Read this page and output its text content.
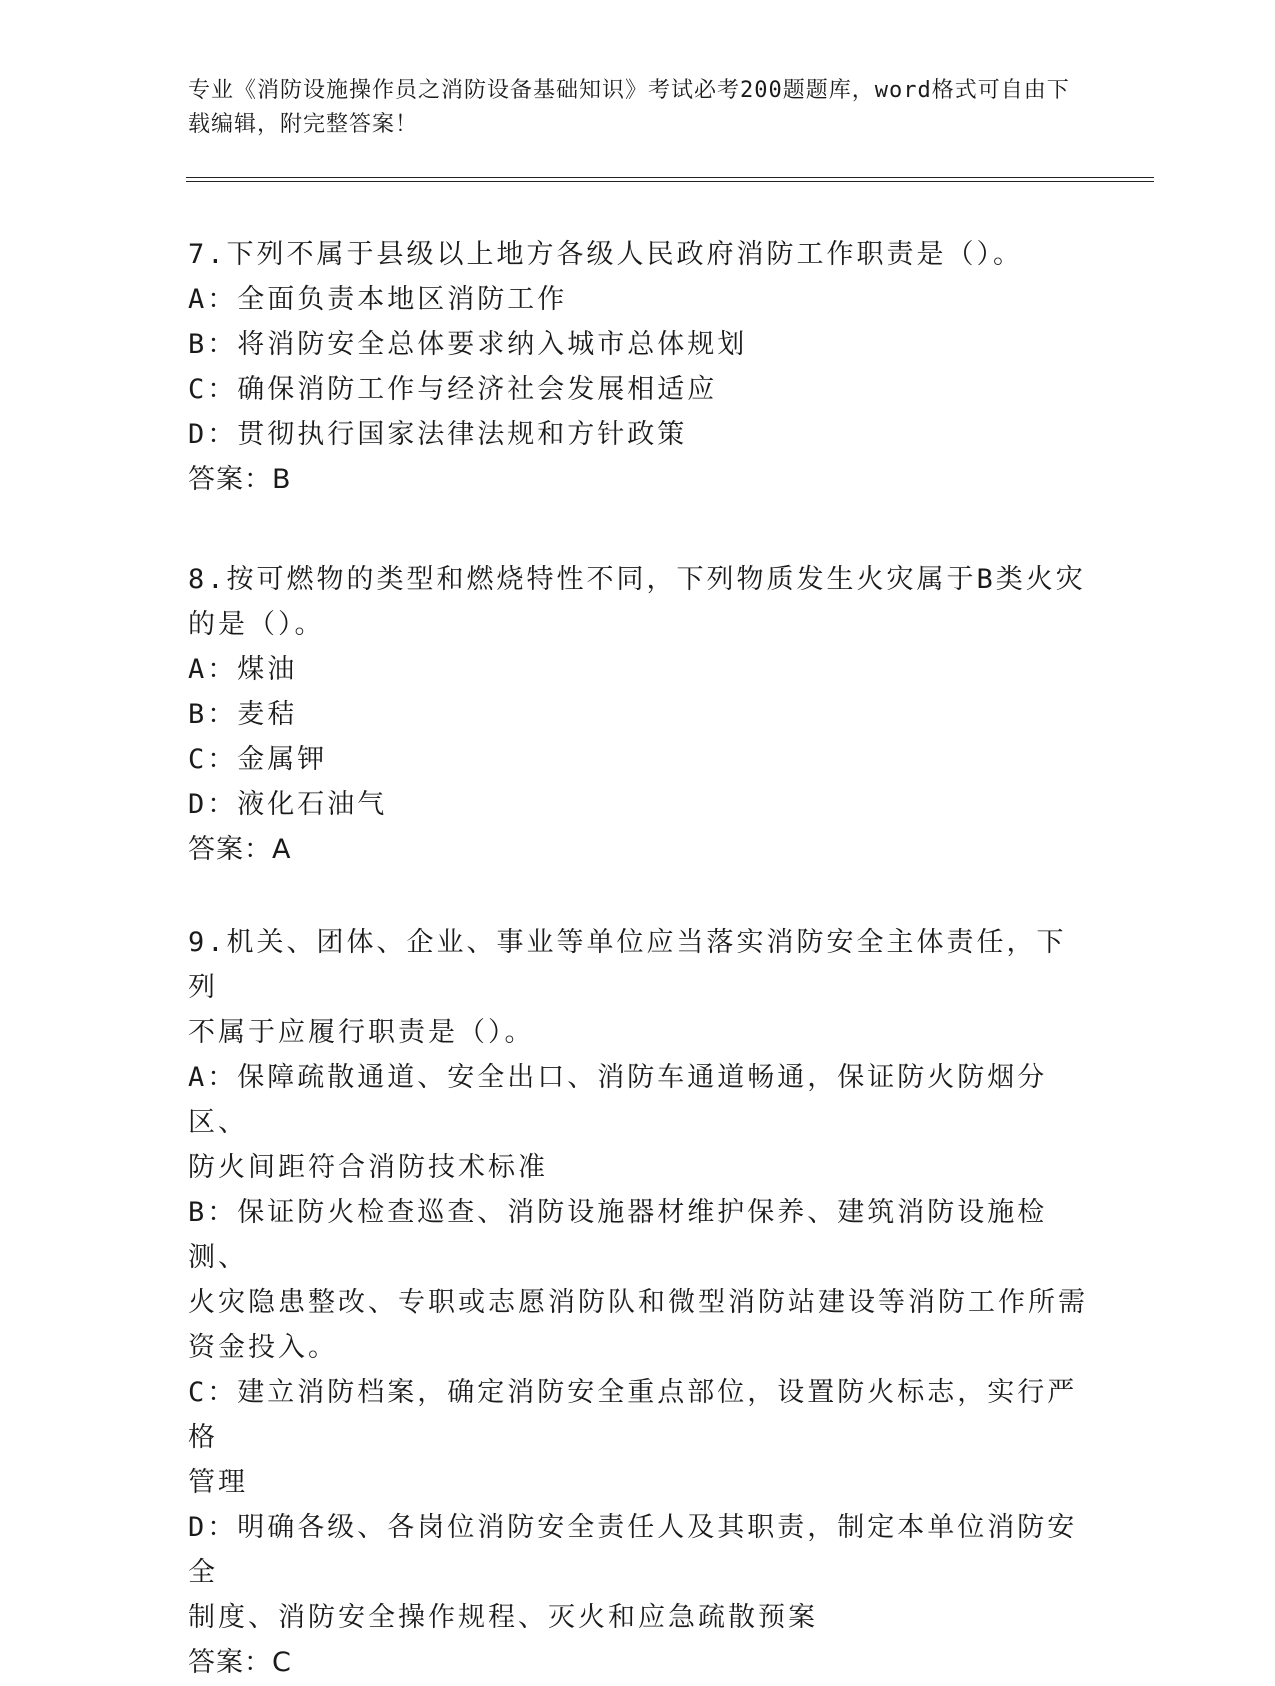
专业《消防设施操作员之消防设备基础知识》考试必考200题题库，word格式可自由下载编辑，附完整答案！

7.下列不属于县级以上地方各级人民政府消防工作职责是（）。

A：全面负责本地区消防工作

B：将消防安全总体要求纳入城市总体规划

C：确保消防工作与经济社会发展相适应

D：贯彻执行国家法律法规和方针政策

答案：B

8.按可燃物的类型和燃烧特性不同，下列物质发生火灾属于B类火灾

的是（）。

A：煤油

B：麦秸

C：金属钾

D：液化石油气

答案：A

9.机关、团体、企业、事业等单位应当落实消防安全主体责任，下列

不属于应履行职责是（）。

A：保障疏散通道、安全出口、消防车通道畅通，保证防火防烟分区、

防火间距符合消防技术标准

B：保证防火检查巡查、消防设施器材维护保养、建筑消防设施检测、

火灾隐患整改、专职或志愿消防队和微型消防站建设等消防工作所需

资金投入。

C：建立消防档案，确定消防安全重点部位，设置防火标志，实行严格

管理

D：明确各级、各岗位消防安全责任人及其职责，制定本单位消防安全

制度、消防安全操作规程、灭火和应急疏散预案

答案：C
